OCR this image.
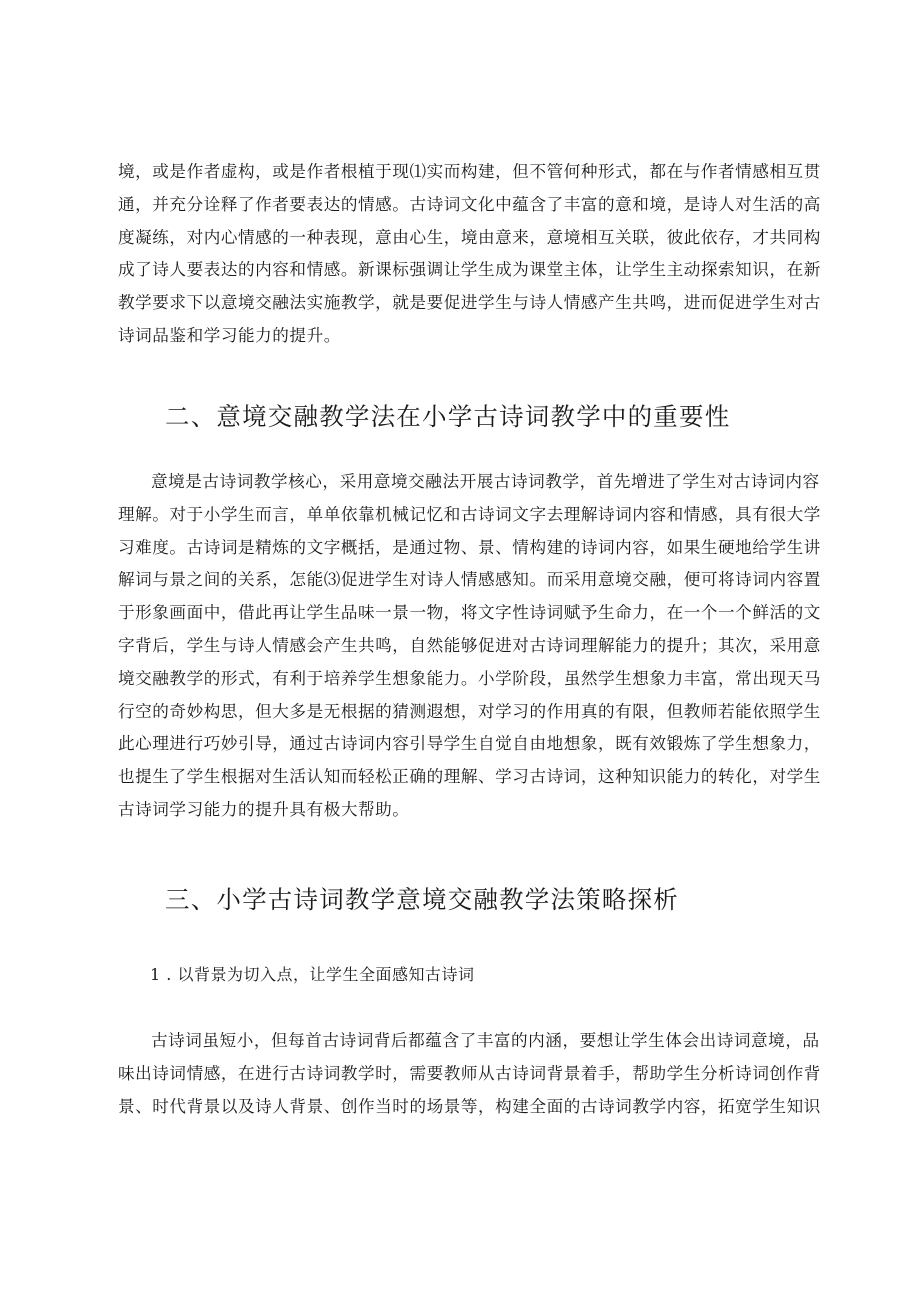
境，或是作者虚构，或是作者根植于现⑴实而构建，但不管何种形式，都在与作者情感相互贯
通，并充分诠释了作者要表达的情感。古诗词文化中蕴含了丰富的意和境，是诗人对生活的高
度凝练，对内心情感的一种表现，意由心生，境由意来，意境相互关联，彼此依存，才共同构
成了诗人要表达的内容和情感。新课标强调让学生成为课堂主体，让学生主动探索知识，在新
教学要求下以意境交融法实施教学，就是要促进学生与诗人情感产生共鸣，进而促进学生对古
诗词品鉴和学习能力的提升。
二、意境交融教学法在小学古诗词教学中的重要性
意境是古诗词教学核心，采用意境交融法开展古诗词教学，首先增进了学生对古诗词内容
理解。对于小学生而言，单单依靠机械记忆和古诗词文字去理解诗词内容和情感，具有很大学
习难度。古诗词是精炼的文字概括，是通过物、景、情构建的诗词内容，如果生硬地给学生讲
解词与景之间的关系，怎能⑶促进学生对诗人情感感知。而采用意境交融，便可将诗词内容置
于形象画面中，借此再让学生品味一景一物，将文字性诗词赋予生命力，在一个一个鲜活的文
字背后，学生与诗人情感会产生共鸣，自然能够促进对古诗词理解能力的提升；其次，采用意
境交融教学的形式，有利于培养学生想象能力。小学阶段，虽然学生想象力丰富，常出现天马
行空的奇妙构思，但大多是无根据的猜测遐想，对学习的作用真的有限，但教师若能依照学生
此心理进行巧妙引导，通过古诗词内容引导学生自觉自由地想象，既有效锻炼了学生想象力，
也提生了学生根据对生活认知而轻松正确的理解、学习古诗词，这种知识能力的转化，对学生
古诗词学习能力的提升具有极大帮助。
三、小学古诗词教学意境交融教学法策略探析

1 . 以背景为切入点，让学生全面感知古诗词

古诗词虽短小，但每首古诗词背后都蕴含了丰富的内涵，要想让学生体会出诗词意境，品
味出诗词情感，在进行古诗词教学时，需要教师从古诗词背景着手，帮助学生分析诗词创作背
景、时代背景以及诗人背景、创作当时的场景等，构建全面的古诗词教学内容，拓宽学生知识
